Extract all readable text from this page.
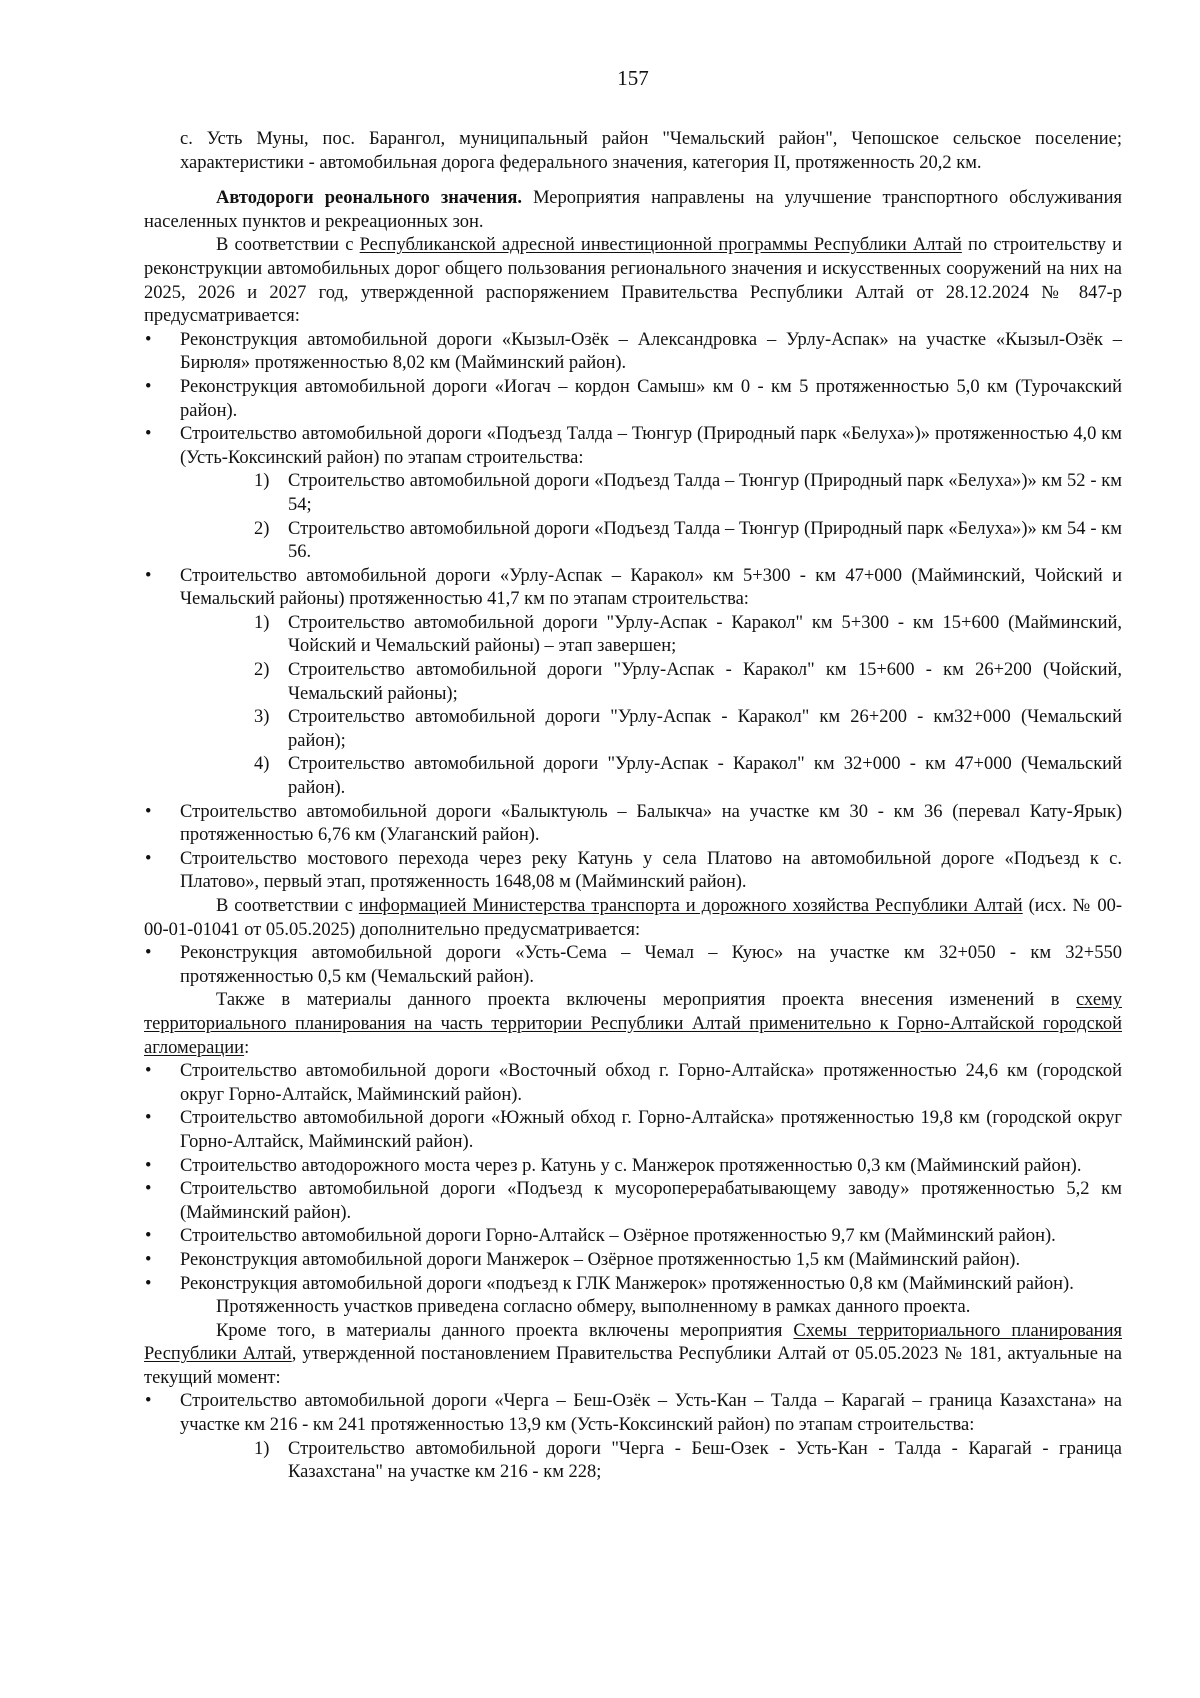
157

с. Усть Муны, пос. Барангол, муниципальный район "Чемальский район", Чепошское сельское поселение; характеристики - автомобильная дорога федерального значения, категория II, протяженность 20,2 км.

Автодороги реонального значения. Мероприятия направлены на улучшение транспортного обслуживания населенных пунктов и рекреационных зон.

В соответствии с Республиканской адресной инвестиционной программы Республики Алтай по строительству и реконструкции автомобильных дорог общего пользования регионального значения и искусственных сооружений на них на 2025, 2026 и 2027 год, утвержденной распоряжением Правительства Республики Алтай от 28.12.2024 № 847-р предусматривается:

• Реконструкция автомобильной дороги «Кызыл-Озёк – Александровка – Урлу-Аспак» на участке «Кызыл-Озёк – Бирюля» протяженностью 8,02 км (Майминский район).
• Реконструкция автомобильной дороги «Иогач – кордон Самыш» км 0 - км 5 протяженностью 5,0 км (Турочакский район).
• Строительство автомобильной дороги «Подъезд Талда – Тюнгур (Природный парк «Белуха»)» протяженностью 4,0 км (Усть-Коксинский район) по этапам строительства:
1) Строительство автомобильной дороги «Подъезд Талда – Тюнгур (Природный парк «Белуха»)» км 52 - км 54;
2) Строительство автомобильной дороги «Подъезд Талда – Тюнгур (Природный парк «Белуха»)» км 54 - км 56.
• Строительство автомобильной дороги «Урлу-Аспак – Каракол» км 5+300 - км 47+000 (Майминский, Чойский и Чемальский районы) протяженностью 41,7 км по этапам строительства:
1) Строительство автомобильной дороги "Урлу-Аспак - Каракол" км 5+300 - км 15+600 (Майминский, Чойский и Чемальский районы) – этап завершен;
2) Строительство автомобильной дороги "Урлу-Аспак - Каракол" км 15+600 - км 26+200 (Чойский, Чемальский районы);
3) Строительство автомобильной дороги "Урлу-Аспак - Каракол" км 26+200 - км32+000 (Чемальский район);
4) Строительство автомобильной дороги "Урлу-Аспак - Каракол" км 32+000 - км 47+000 (Чемальский район).
• Строительство автомобильной дороги «Балыктуюль – Балыкча» на участке км 30 - км 36 (перевал Кату-Ярык) протяженностью 6,76 км (Улаганский район).
• Строительство мостового перехода через реку Катунь у села Платово на автомобильной дороге «Подъезд к с. Платово», первый этап, протяженность 1648,08 м (Майминский район).

В соответствии с информацией Министерства транспорта и дорожного хозяйства Республики Алтай (исх. № 00-00-01-01041 от 05.05.2025) дополнительно предусматривается:

• Реконструкция автомобильной дороги «Усть-Сема – Чемал – Куюс» на участке км 32+050 - км 32+550 протяженностью 0,5 км (Чемальский район).

Также в материалы данного проекта включены мероприятия проекта внесения изменений в схему территориального планирования на часть территории Республики Алтай применительно к Горно-Алтайской городской агломерации:

• Строительство автомобильной дороги «Восточный обход г. Горно-Алтайска» протяженностью 24,6 км (городской округ Горно-Алтайск, Майминский район).
• Строительство автомобильной дороги «Южный обход г. Горно-Алтайска» протяженностью 19,8 км (городской округ Горно-Алтайск, Майминский район).
• Строительство автодорожного моста через р. Катунь у с. Манжерок протяженностью 0,3 км (Майминский район).
• Строительство автомобильной дороги «Подъезд к мусороперерабатывающему заводу» протяженностью 5,2 км (Майминский район).
• Строительство автомобильной дороги Горно-Алтайск – Озёрное протяженностью 9,7 км (Майминский район).
• Реконструкция автомобильной дороги Манжерок – Озёрное протяженностью 1,5 км (Майминский район).
• Реконструкция автомобильной дороги «подъезд к ГЛК Манжерок» протяженностью 0,8 км (Майминский район).

Протяженность участков приведена согласно обмеру, выполненному в рамках данного проекта.

Кроме того, в материалы данного проекта включены мероприятия Схемы территориального планирования Республики Алтай, утвержденной постановлением Правительства Республики Алтай от 05.05.2023 № 181, актуальные на текущий момент:

• Строительство автомобильной дороги «Черга – Беш-Озёк – Усть-Кан – Талда – Карагай – граница Казахстана» на участке км 216 - км 241 протяженностью 13,9 км (Усть-Коксинский район) по этапам строительства:
1) Строительство автомобильной дороги "Черга - Беш-Озек - Усть-Кан - Талда - Карагай - граница Казахстана" на участке км 216 - км 228;
